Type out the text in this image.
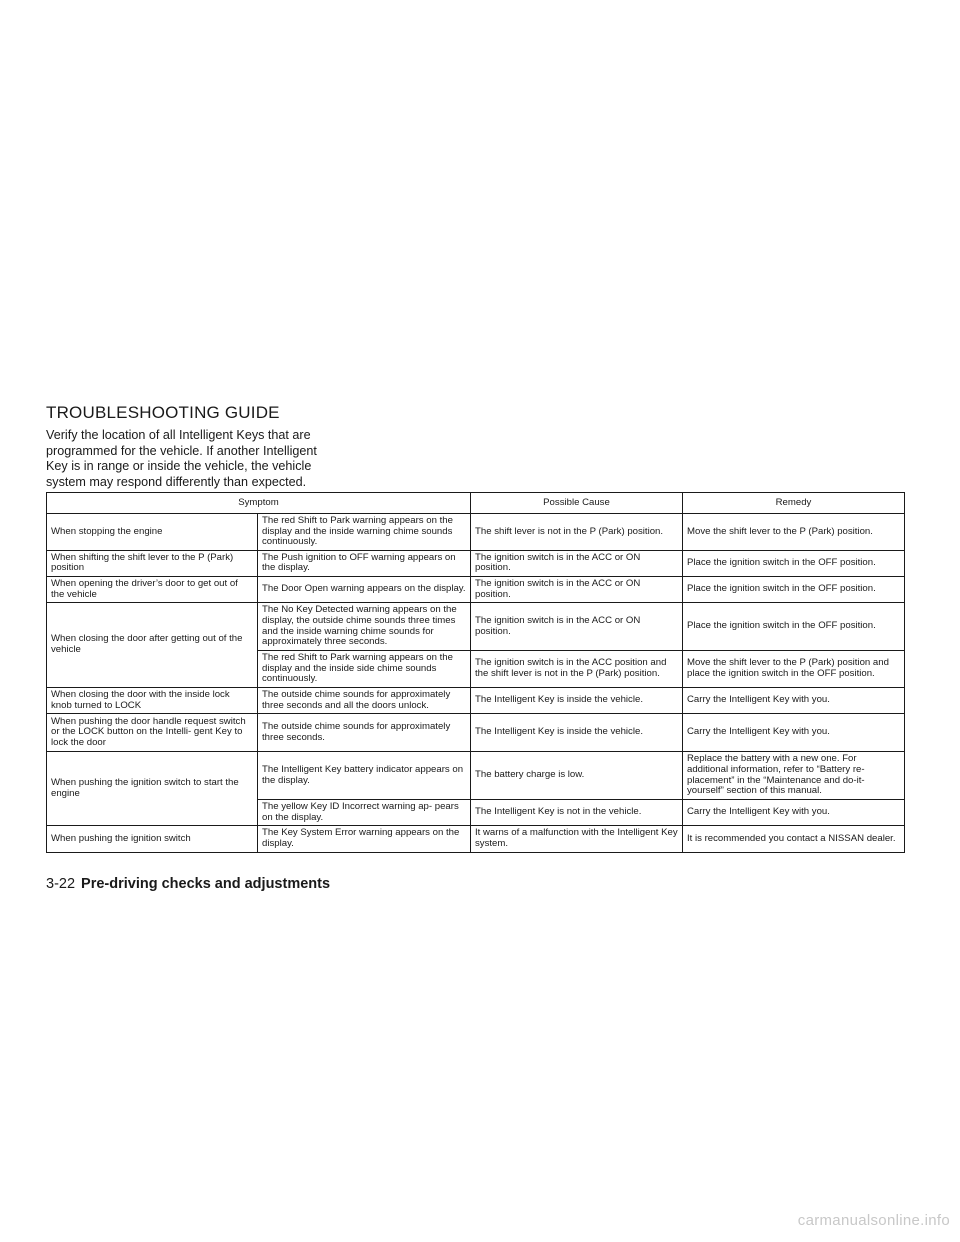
TROUBLESHOOTING GUIDE

Verify the location of all Intelligent Keys that are programmed for the vehicle. If another Intelligent Key is in range or inside the vehicle, the vehicle system may respond differently than expected.

Symptom		Possible Cause	Remedy
When stopping the engine	The red Shift to Park warning appears on the display and the inside warning chime sounds continuously.	The shift lever is not in the P (Park) position.	Move the shift lever to the P (Park) position.
When shifting the shift lever to the P (Park) position	The Push ignition to OFF warning appears on the display.	The ignition switch is in the ACC or ON position.	Place the ignition switch in the OFF position.
When opening the driver’s door to get out of the vehicle	The Door Open warning appears on the display.	The ignition switch is in the ACC or ON position.	Place the ignition switch in the OFF position.
When closing the door after getting out of the vehicle	The No Key Detected warning appears on the display, the outside chime sounds three times and the inside warning chime sounds for approximately three seconds.	The ignition switch is in the ACC or ON position.	Place the ignition switch in the OFF position.
	The red Shift to Park warning appears on the display and the inside side chime sounds continuously.	The ignition switch is in the ACC position and the shift lever is not in the P (Park) position.	Move the shift lever to the P (Park) position and place the ignition switch in the OFF position.
When closing the door with the inside lock knob turned to LOCK	The outside chime sounds for approximately three seconds and all the doors unlock.	The Intelligent Key is inside the vehicle.	Carry the Intelligent Key with you.
When pushing the door handle request switch or the LOCK button on the Intelli- gent Key to lock the door	The outside chime sounds for approximately three seconds.	The Intelligent Key is inside the vehicle.	Carry the Intelligent Key with you.
When pushing the ignition switch to start the engine	The Intelligent Key battery indicator appears on the display.	The battery charge is low.	Replace the battery with a new one. For additional information, refer to “Battery re- placement” in the “Maintenance and do-it- yourself” section of this manual.
	The yellow Key ID Incorrect warning ap- pears on the display.	The Intelligent Key is not in the vehicle.	Carry the Intelligent Key with you.
When pushing the ignition switch	The Key System Error warning appears on the display.	It warns of a malfunction with the Intelligent Key system.	It is recommended you contact a NISSAN dealer.

3-22 Pre-driving checks and adjustments

carmanualsonline.info
